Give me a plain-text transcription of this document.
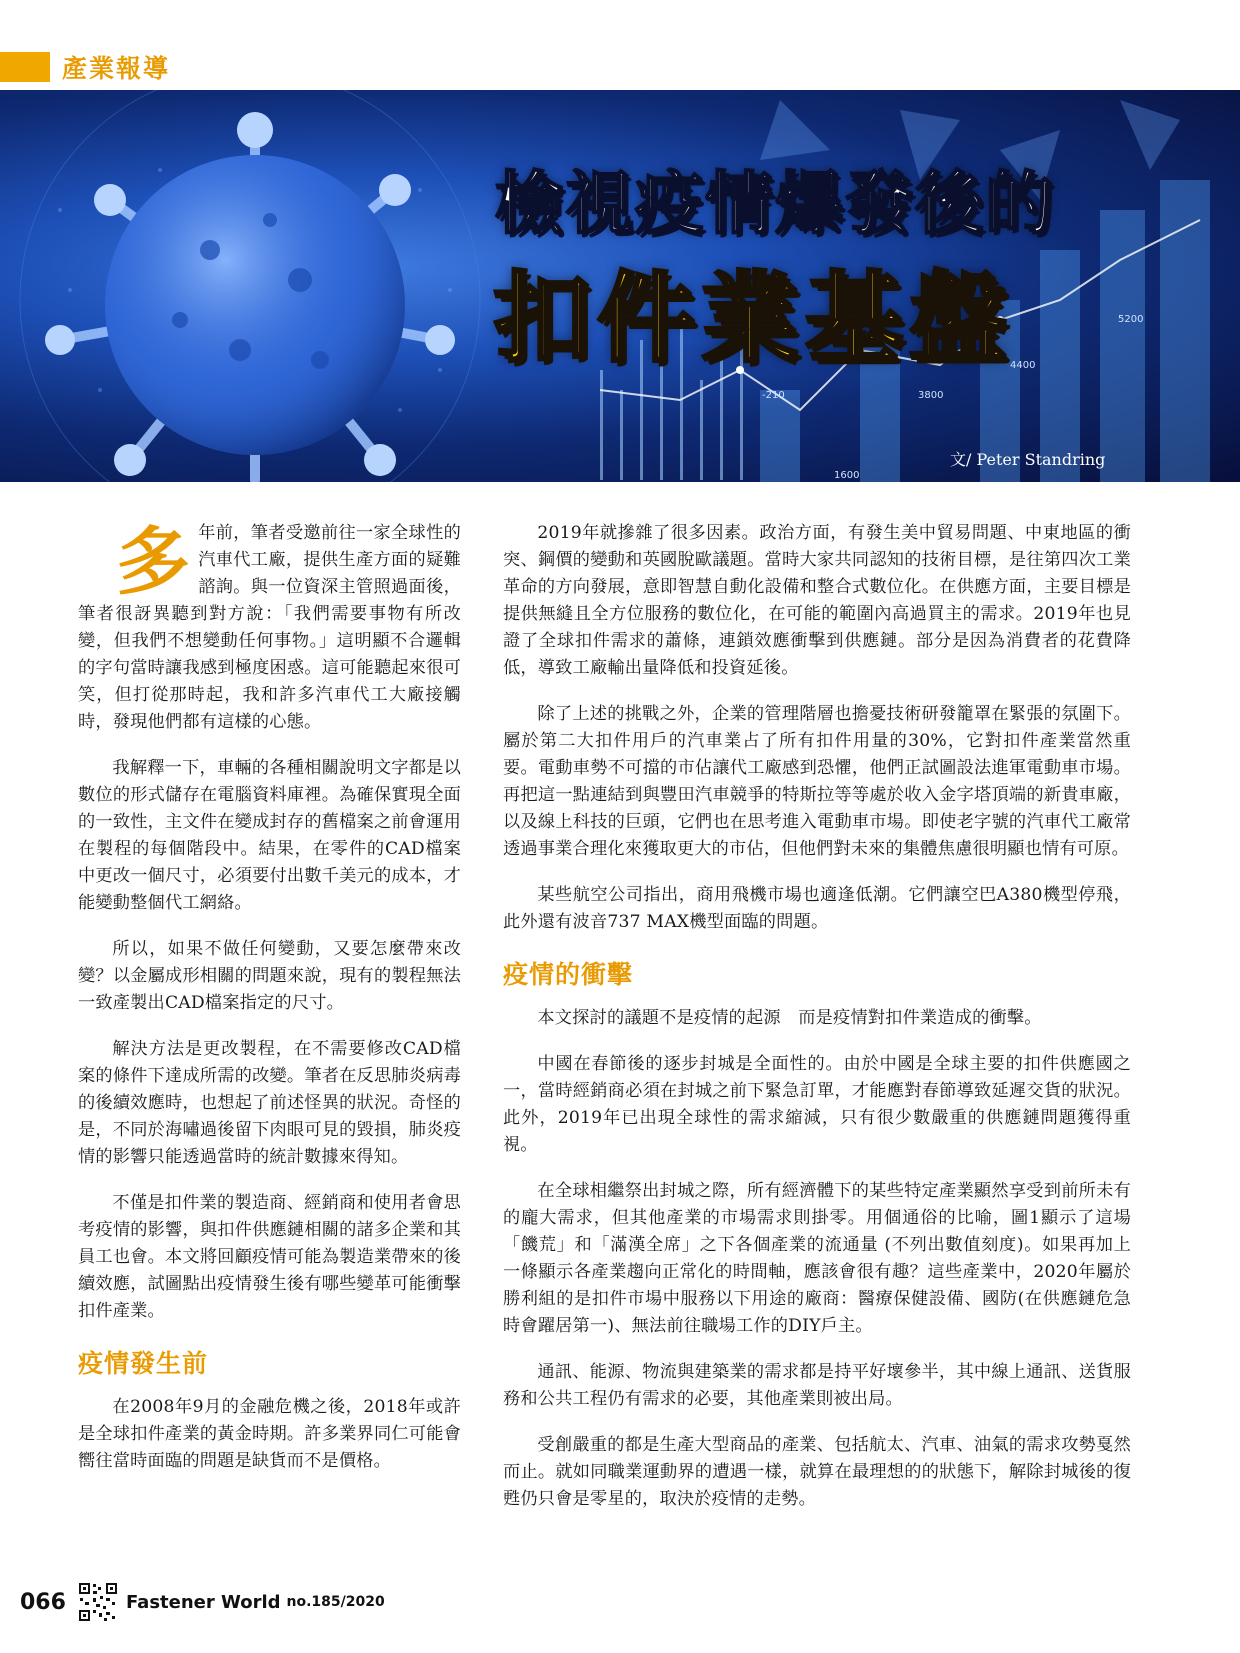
產業報導
5200
4400
3800
-210
1600
檢視疫情爆發後的
扣件業基盤
文/ Peter Standring

多年前，筆者受邀前往一家全球性的汽車代工廠，提供生產方面的疑難諮詢。與一位資深主管照過面後，筆者很訝異聽到對方說：「我們需要事物有所改變，但我們不想變動任何事物。」這明顯不合邏輯的字句當時讓我感到極度困惑。這可能聽起來很可笑，但打從那時起，我和許多汽車代工大廠接觸時，發現他們都有這樣的心態。

我解釋一下，車輛的各種相關說明文字都是以數位的形式儲存在電腦資料庫裡。為確保實現全面的一致性，主文件在變成封存的舊檔案之前會運用在製程的每個階段中。結果，在零件的CAD檔案中更改一個尺寸，必須要付出數千美元的成本，才能變動整個代工網絡。

所以，如果不做任何變動，又要怎麼帶來改變？以金屬成形相關的問題來說，現有的製程無法一致產製出CAD檔案指定的尺寸。

解決方法是更改製程，在不需要修改CAD檔案的條件下達成所需的改變。筆者在反思肺炎病毒的後續效應時，也想起了前述怪異的狀況。奇怪的是，不同於海嘯過後留下肉眼可見的毀損，肺炎疫情的影響只能透過當時的統計數據來得知。

不僅是扣件業的製造商、經銷商和使用者會思考疫情的影響，與扣件供應鏈相關的諸多企業和其員工也會。本文將回顧疫情可能為製造業帶來的後續效應，試圖點出疫情發生後有哪些變革可能衝擊扣件產業。

疫情發生前

在2008年9月的金融危機之後，2018年或許是全球扣件產業的黃金時期。許多業界同仁可能會嚮往當時面臨的問題是缺貨而不是價格。

2019年就摻雜了很多因素。政治方面，有發生美中貿易問題、中東地區的衝突、鋼價的變動和英國脫歐議題。當時大家共同認知的技術目標，是往第四次工業革命的方向發展，意即智慧自動化設備和整合式數位化。在供應方面，主要目標是提供無縫且全方位服務的數位化，在可能的範圍內高過買主的需求。2019年也見證了全球扣件需求的蕭條，連鎖效應衝擊到供應鏈。部分是因為消費者的花費降低，導致工廠輸出量降低和投資延後。

除了上述的挑戰之外，企業的管理階層也擔憂技術研發籠罩在緊張的氛圍下。屬於第二大扣件用戶的汽車業占了所有扣件用量的30%，它對扣件產業當然重要。電動車勢不可擋的市佔讓代工廠感到恐懼，他們正試圖設法進軍電動車市場。再把這一點連結到與豐田汽車競爭的特斯拉等等處於收入金字塔頂端的新貴車廠，以及線上科技的巨頭，它們也在思考進入電動車市場。即使老字號的汽車代工廠常透過事業合理化來獲取更大的市佔，但他們對未來的集體焦慮很明顯也情有可原。

某些航空公司指出，商用飛機市場也適逢低潮。它們讓空巴A380機型停飛，此外還有波音737 MAX機型面臨的問題。

疫情的衝擊

本文探討的議題不是疫情的起源　而是疫情對扣件業造成的衝擊。

中國在春節後的逐步封城是全面性的。由於中國是全球主要的扣件供應國之一，當時經銷商必須在封城之前下緊急訂單，才能應對春節導致延遲交貨的狀況。此外，2019年已出現全球性的需求縮減，只有很少數嚴重的供應鏈問題獲得重視。

在全球相繼祭出封城之際，所有經濟體下的某些特定產業顯然享受到前所未有的龐大需求，但其他產業的市場需求則掛零。用個通俗的比喻，圖1顯示了這場「饑荒」和「滿漢全席」之下各個產業的流通量 (不列出數值刻度)。如果再加上一條顯示各產業趨向正常化的時間軸，應該會很有趣？這些產業中，2020年屬於勝利組的是扣件市場中服務以下用途的廠商：醫療保健設備、國防(在供應鏈危急時會躍居第一)、無法前往職場工作的DIY戶主。

通訊、能源、物流與建築業的需求都是持平好壞參半，其中線上通訊、送貨服務和公共工程仍有需求的必要，其他產業則被出局。

受創嚴重的都是生產大型商品的產業、包括航太、汽車、油氣的需求攻勢戛然而止。就如同職業運動界的遭遇一樣，就算在最理想的的狀態下，解除封城後的復甦仍只會是零星的，取決於疫情的走勢。

066	Fastener World no.185/2020
